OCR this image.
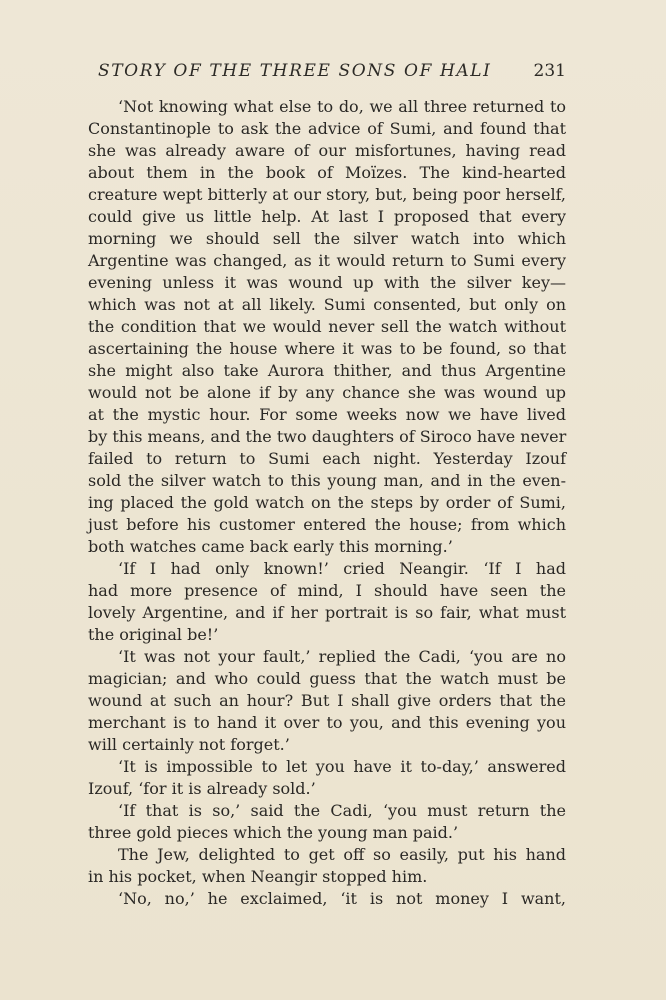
STORY OF THE THREE SONS OF HALI 231
‘Not knowing what else to do, we all three returned to
Constantinople to ask the advice of Sumi, and found that
she was already aware of our misfortunes, having read
about them in the book of Moïzes. The kind-hearted
creature wept bitterly at our story, but, being poor herself,
could give us little help. At last I proposed that every
morning we should sell the silver watch into which
Argentine was changed, as it would return to Sumi every
evening unless it was wound up with the silver key—
which was not at all likely. Sumi consented, but only on
the condition that we would never sell the watch without
ascertaining the house where it was to be found, so that
she might also take Aurora thither, and thus Argentine
would not be alone if by any chance she was wound up
at the mystic hour. For some weeks now we have lived
by this means, and the two daughters of Siroco have never
failed to return to Sumi each night. Yesterday Izouf
sold the silver watch to this young man, and in the even-
ing placed the gold watch on the steps by order of Sumi,
just before his customer entered the house; from which
both watches came back early this morning.’
‘If I had only known!’ cried Neangir. ‘If I had
had more presence of mind, I should have seen the
lovely Argentine, and if her portrait is so fair, what must
the original be!’
‘It was not your fault,’ replied the Cadi, ‘you are no
magician; and who could guess that the watch must be
wound at such an hour? But I shall give orders that the
merchant is to hand it over to you, and this evening you
will certainly not forget.’
‘It is impossible to let you have it to-day,’ answered
Izouf, ‘for it is already sold.’
‘If that is so,’ said the Cadi, ‘you must return the
three gold pieces which the young man paid.’
The Jew, delighted to get off so easily, put his hand
in his pocket, when Neangir stopped him.
‘No, no,’ he exclaimed, ‘it is not money I want,
